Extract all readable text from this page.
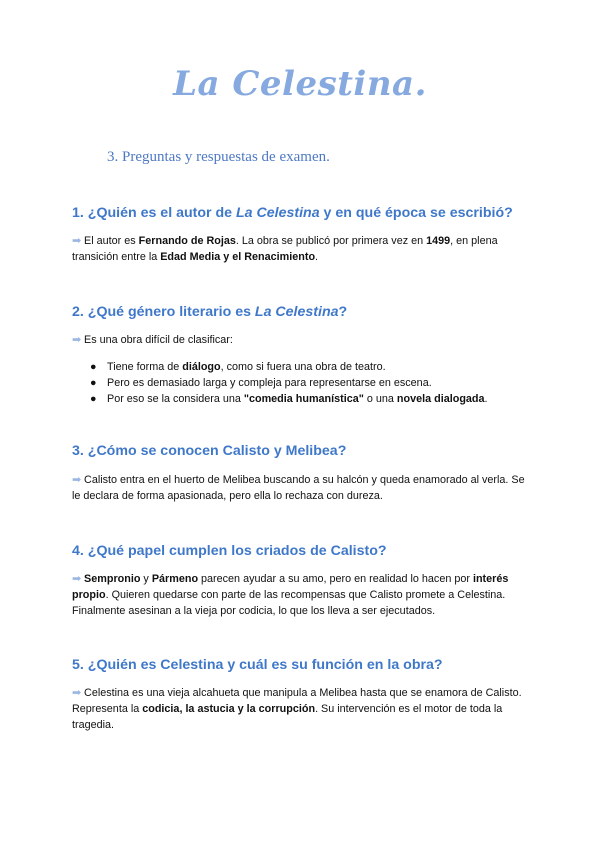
La Celestina.
3. Preguntas y respuestas de examen.

1. ¿Quién es el autor de La Celestina y en qué época se escribió?

➡ El autor es Fernando de Rojas. La obra se publicó por primera vez en 1499, en plena transición entre la Edad Media y el Renacimiento.

2. ¿Qué género literario es La Celestina?

➡ Es una obra difícil de clasificar:

● Tiene forma de diálogo, como si fuera una obra de teatro.
● Pero es demasiado larga y compleja para representarse en escena.
● Por eso se la considera una "comedia humanística" o una novela dialogada.

3. ¿Cómo se conocen Calisto y Melibea?

➡ Calisto entra en el huerto de Melibea buscando a su halcón y queda enamorado al verla. Se le declara de forma apasionada, pero ella lo rechaza con dureza.

4. ¿Qué papel cumplen los criados de Calisto?

➡ Sempronio y Pármeno parecen ayudar a su amo, pero en realidad lo hacen por interés propio. Quieren quedarse con parte de las recompensas que Calisto promete a Celestina. Finalmente asesinan a la vieja por codicia, lo que los lleva a ser ejecutados.

5. ¿Quién es Celestina y cuál es su función en la obra?

➡ Celestina es una vieja alcahueta que manipula a Melibea hasta que se enamora de Calisto. Representa la codicia, la astucia y la corrupción. Su intervención es el motor de toda la tragedia.
